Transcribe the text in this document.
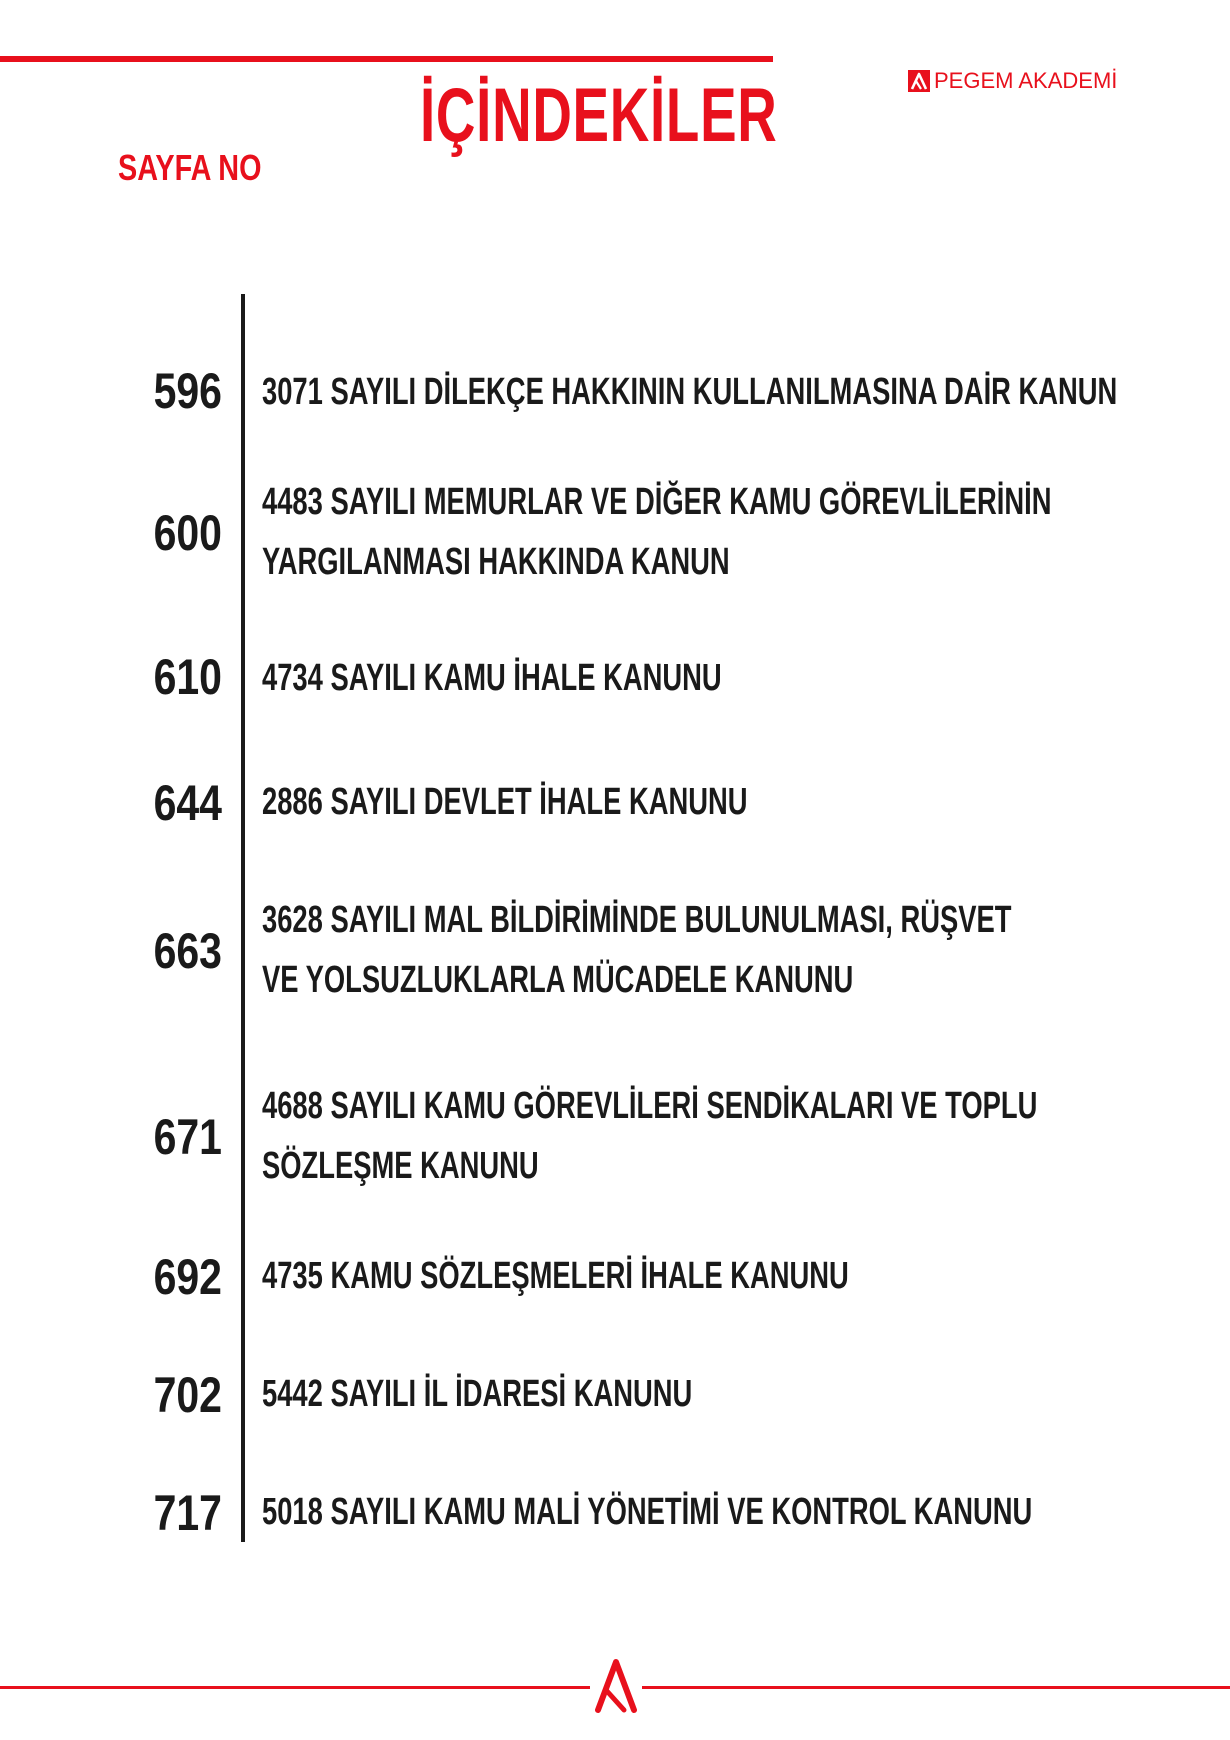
İÇİNDEKİLER
SAYFA NO
PEGEM AKADEMİ
596 3071 SAYILI DİLEKÇE HAKKININ KULLANILMASINA DAİR KANUN

600

4483 SAYILI MEMURLAR VE DİĞER KAMU GÖREVLİLERİNİN
YARGILANMASI HAKKINDA KANUN

610 4734 SAYILI KAMU İHALE KANUNU

644 2886 SAYILI DEVLET İHALE KANUNU

663

3628 SAYILI MAL BİLDİRİMİNDE BULUNULMASI, RÜŞVET
VE YOLSUZLUKLARLA MÜCADELE KANUNU

671

4688 SAYILI KAMU GÖREVLİLERİ SENDİKALARI VE TOPLU
SÖZLEŞME KANUNU

692 4735 KAMU SÖZLEŞMELERİ İHALE KANUNU

702 5442 SAYILI İL İDARESİ KANUNU

717 5018 SAYILI KAMU MALİ YÖNETİMİ VE KONTROL KANUNU
